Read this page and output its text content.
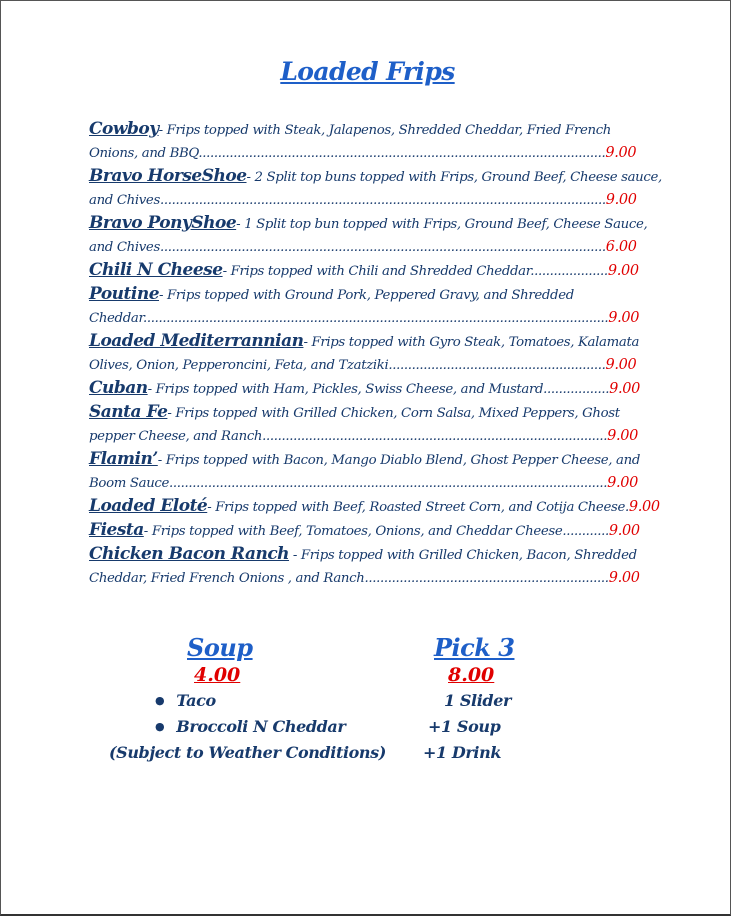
Loaded Frips
Cowboy- Frips topped with Steak, Jalapenos, Shredded Cheddar, Fried French
Onions, and BBQ.........................................................................................................9.00
Bravo HorseShoe- 2 Split top buns topped with Frips, Ground Beef, Cheese sauce,
and Chives...................................................................................................................9.00
Bravo PonyShoe- 1 Split top bun topped with Frips, Ground Beef, Cheese Sauce,
and Chives...................................................................................................................6.00
Chili N Cheese- Frips topped with Chili and Shredded Cheddar....................9.00
Poutine- Frips topped with Ground Pork, Peppered Gravy, and Shredded
Cheddar........................................................................................................................9.00
Loaded Mediterrannian- Frips topped with Gyro Steak, Tomatoes, Kalamata
Olives, Onion, Pepperoncini, Feta, and Tzatziki........................................................9.00
Cuban- Frips topped with Ham, Pickles, Swiss Cheese, and Mustard.................9.00
Santa Fe- Frips topped with Grilled Chicken, Corn Salsa, Mixed Peppers, Ghost
pepper Cheese, and Ranch.........................................................................................9.00
Flamin’- Frips topped with Bacon, Mango Diablo Blend, Ghost Pepper Cheese, and
Boom Sauce.................................................................................................................9.00
Loaded Eloté- Frips topped with Beef, Roasted Street Corn, and Cotija Cheese.9.00
Fiesta- Frips topped with Beef, Tomatoes, Onions, and Cheddar Cheese............9.00
Chicken Bacon Ranch - Frips topped with Grilled Chicken, Bacon, Shredded
Cheddar, Fried French Onions , and Ranch...............................................................9.00
Soup
4.00
● Taco
● Broccoli N Cheddar
(Subject to Weather Conditions)
Pick 3
8.00
1 Slider
+1 Soup
+1 Drink
